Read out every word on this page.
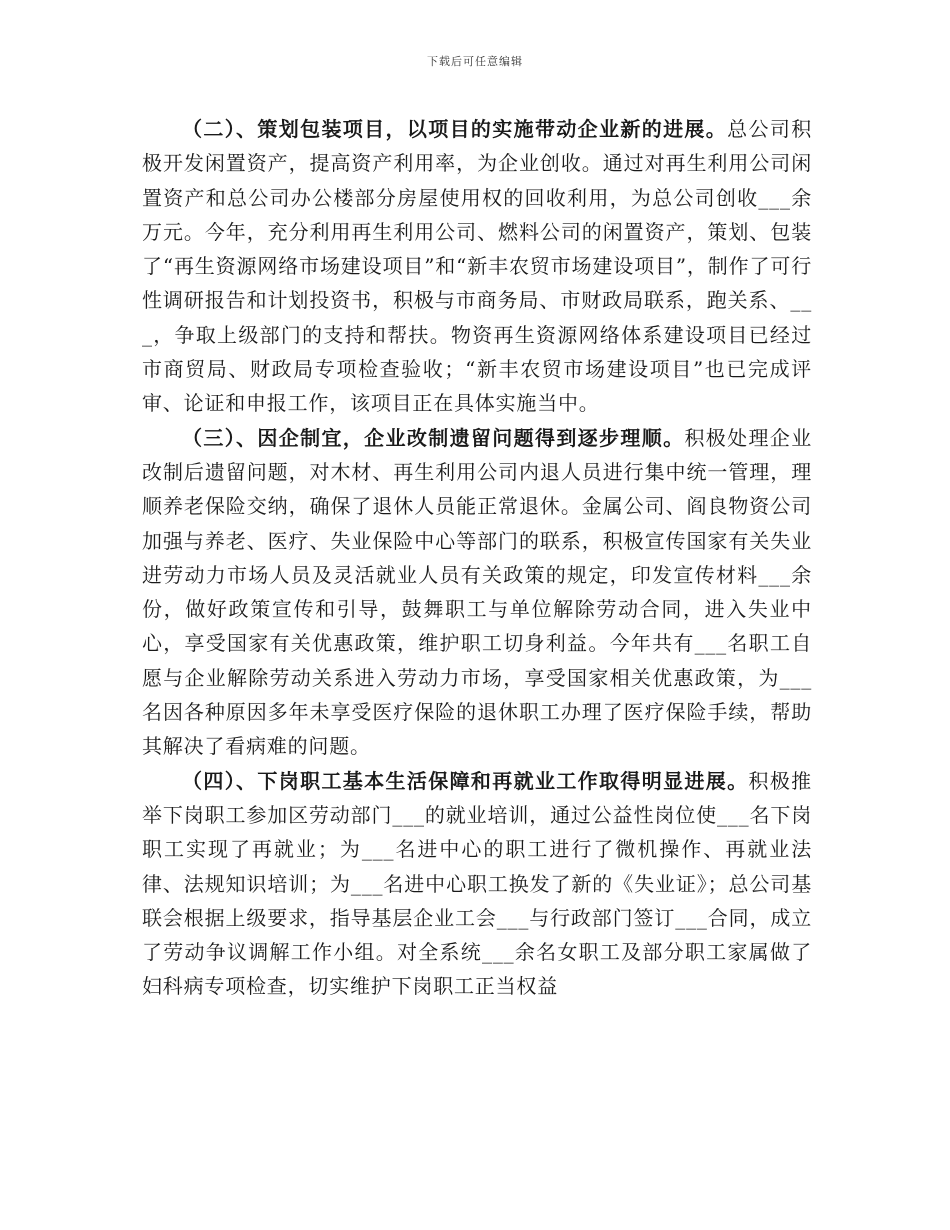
下载后可任意编辑

（二）、策划包装项目，以项目的实施带动企业新的进展。总公司积极开发闲置资产，提高资产利用率，为企业创收。通过对再生利用公司闲置资产和总公司办公楼部分房屋使用权的回收利用，为总公司创收___余万元。今年，充分利用再生利用公司、燃料公司的闲置资产，策划、包装了“再生资源网络市场建设项目”和“新丰农贸市场建设项目”，制作了可行性调研报告和计划投资书，积极与市商务局、市财政局联系，跑关系、___，争取上级部门的支持和帮扶。物资再生资源网络体系建设项目已经过市商贸局、财政局专项检查验收；“新丰农贸市场建设项目”也已完成评审、论证和申报工作，该项目正在具体实施当中。

（三）、因企制宜，企业改制遗留问题得到逐步理顺。积极处理企业改制后遗留问题，对木材、再生利用公司内退人员进行集中统一管理，理顺养老保险交纳，确保了退休人员能正常退休。金属公司、阎良物资公司加强与养老、医疗、失业保险中心等部门的联系，积极宣传国家有关失业进劳动力市场人员及灵活就业人员有关政策的规定，印发宣传材料___余份，做好政策宣传和引导，鼓舞职工与单位解除劳动合同，进入失业中心，享受国家有关优惠政策，维护职工切身利益。今年共有___名职工自愿与企业解除劳动关系进入劳动力市场，享受国家相关优惠政策，为___名因各种原因多年未享受医疗保险的退休职工办理了医疗保险手续，帮助其解决了看病难的问题。

（四）、下岗职工基本生活保障和再就业工作取得明显进展。积极推举下岗职工参加区劳动部门___的就业培训，通过公益性岗位使___名下岗职工实现了再就业；为___名进中心的职工进行了微机操作、再就业法律、法规知识培训；为___名进中心职工换发了新的《失业证》；总公司基联会根据上级要求，指导基层企业工会___与行政部门签订___合同，成立了劳动争议调解工作小组。对全系统___余名女职工及部分职工家属做了妇科病专项检查，切实维护下岗职工正当权益
